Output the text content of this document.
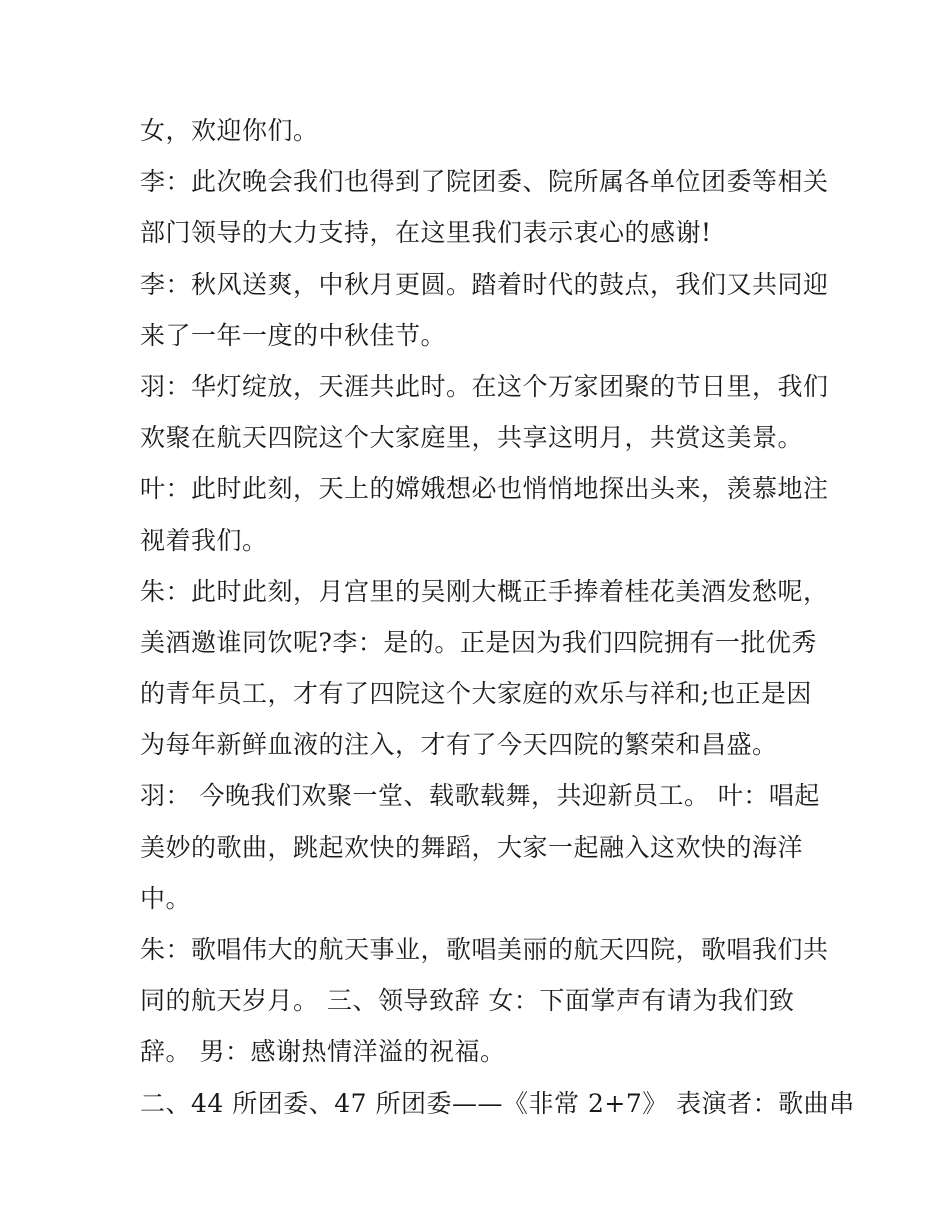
女，欢迎你们。
李：此次晚会我们也得到了院团委、院所属各单位团委等相关
部门领导的大力支持，在这里我们表示衷心的感谢!
李：秋风送爽，中秋月更圆。踏着时代的鼓点，我们又共同迎
来了一年一度的中秋佳节。
羽：华灯绽放，天涯共此时。在这个万家团聚的节日里，我们
欢聚在航天四院这个大家庭里，共享这明月，共赏这美景。
叶：此时此刻，天上的嫦娥想必也悄悄地探出头来，羡慕地注
视着我们。
朱：此时此刻，月宫里的吴刚大概正手捧着桂花美酒发愁呢，
美酒邀谁同饮呢?李：是的。正是因为我们四院拥有一批优秀
的青年员工，才有了四院这个大家庭的欢乐与祥和;也正是因
为每年新鲜血液的注入，才有了今天四院的繁荣和昌盛。
羽： 今晚我们欢聚一堂、载歌载舞，共迎新员工。 叶：唱起
美妙的歌曲，跳起欢快的舞蹈，大家一起融入这欢快的海洋
中。
朱：歌唱伟大的航天事业，歌唱美丽的航天四院，歌唱我们共
同的航天岁月。 三、领导致辞 女：下面掌声有请为我们致
辞。 男：感谢热情洋溢的祝福。
二、44 所团委、47 所团委——《非常 2+7》 表演者：歌曲串
